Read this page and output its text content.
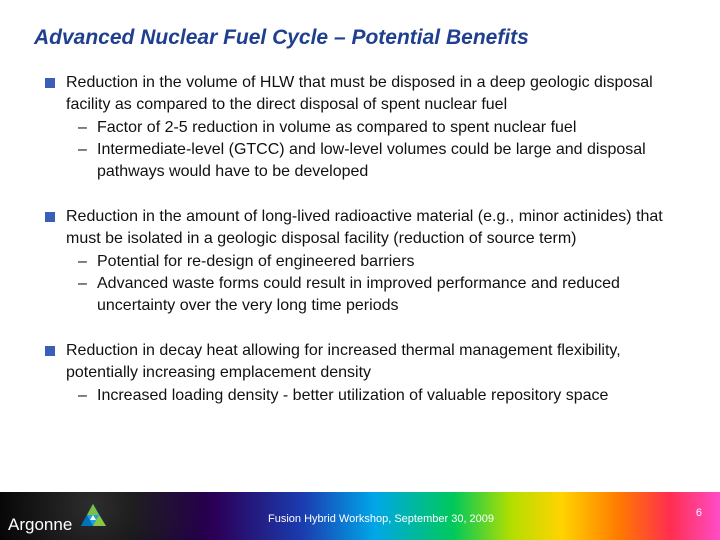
Advanced Nuclear Fuel Cycle – Potential Benefits
Reduction in the volume of HLW that must be disposed in a deep geologic disposal facility as compared to the direct disposal of spent nuclear fuel
– Factor of 2-5 reduction in volume as compared to spent nuclear fuel
– Intermediate-level (GTCC) and low-level volumes could be large and disposal pathways would have to be developed
Reduction in the amount of long-lived radioactive material (e.g., minor actinides) that must be isolated in a geologic disposal facility (reduction of source term)
– Potential for re-design of engineered barriers
– Advanced waste forms could result in improved performance and reduced uncertainty over the very long time periods
Reduction in decay heat allowing for increased thermal management flexibility, potentially increasing emplacement density
– Increased loading density - better utilization of valuable repository space
Argonne	Fusion Hybrid Workshop, September 30, 2009	6
